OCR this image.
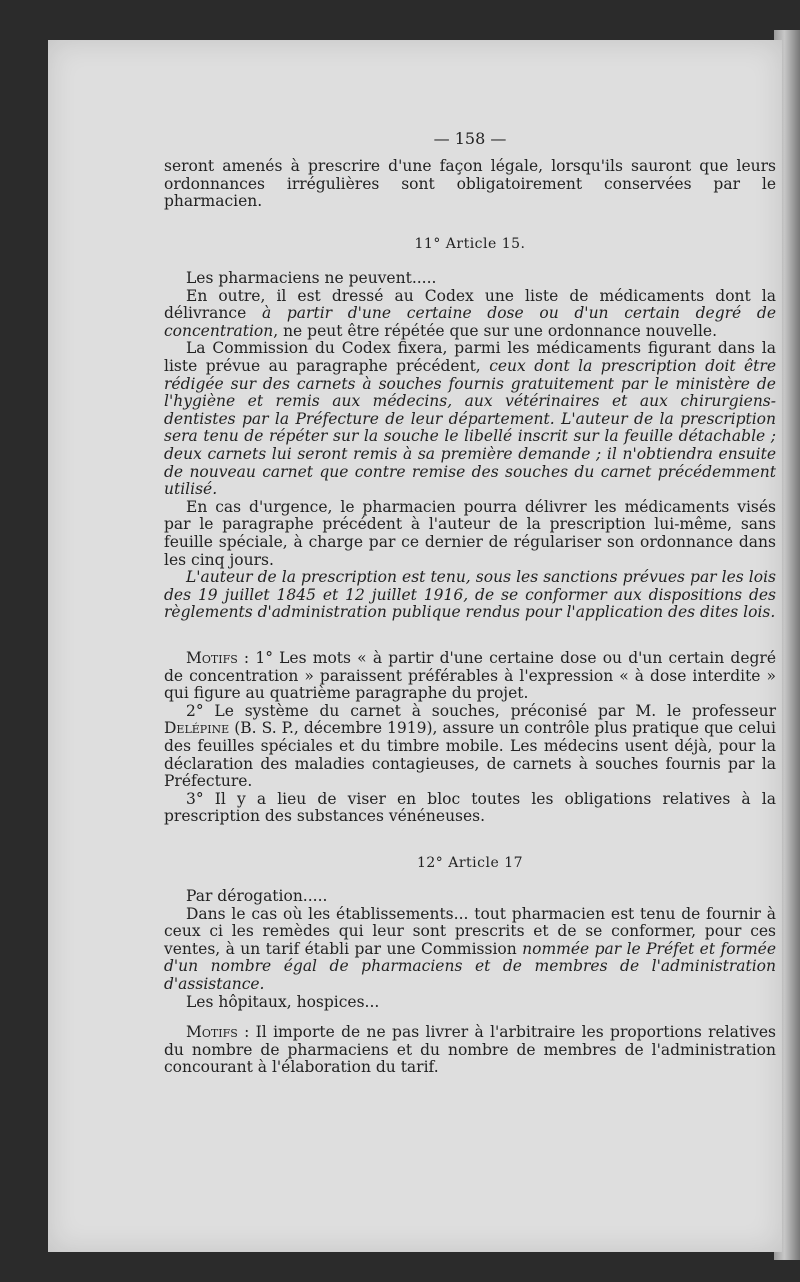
— 158 —

seront amenés à prescrire d'une façon légale, lorsqu'ils sauront que leurs ordonnances irrégulières sont obligatoirement conservées par le pharmacien.

11° Article 15.

Les pharmaciens ne peuvent.....

En outre, il est dressé au Codex une liste de médicaments dont la délivrance à partir d'une certaine dose ou d'un certain degré de concentration, ne peut être répétée que sur une ordonnance nouvelle.

La Commission du Codex fixera, parmi les médicaments figurant dans la liste prévue au paragraphe précédent, ceux dont la prescription doit être rédigée sur des carnets à souches fournis gratuitement par le ministère de l'hygiène et remis aux médecins, aux vétérinaires et aux chirurgiens-dentistes par la Préfecture de leur département. L'auteur de la prescription sera tenu de répéter sur la souche le libellé inscrit sur la feuille détachable ; deux carnets lui seront remis à sa première demande ; il n'obtiendra ensuite de nouveau carnet que contre remise des souches du carnet précédemment utilisé.

En cas d'urgence, le pharmacien pourra délivrer les médicaments visés par le paragraphe précédent à l'auteur de la prescription lui-même, sans feuille spéciale, à charge par ce dernier de régulariser son ordonnance dans les cinq jours.

L'auteur de la prescription est tenu, sous les sanctions prévues par les lois des 19 juillet 1845 et 12 juillet 1916, de se conformer aux dispositions des règlements d'administration publique rendus pour l'application des dites lois.

Motifs : 1° Les mots « à partir d'une certaine dose ou d'un certain degré de concentration » paraissent préférables à l'expression « à dose interdite » qui figure au quatrième paragraphe du projet.

2° Le système du carnet à souches, préconisé par M. le professeur Delépine (B. S. P., décembre 1919), assure un contrôle plus pratique que celui des feuilles spéciales et du timbre mobile. Les médecins usent déjà, pour la déclaration des maladies contagieuses, de carnets à souches fournis par la Préfecture.

3° Il y a lieu de viser en bloc toutes les obligations relatives à la prescription des substances vénéneuses.

12° Article 17

Par dérogation.....

Dans le cas où les établissements... tout pharmacien est tenu de fournir à ceux ci les remèdes qui leur sont prescrits et de se conformer, pour ces ventes, à un tarif établi par une Commission nommée par le Préfet et formée d'un nombre égal de pharmaciens et de membres de l'administration d'assistance.

Les hôpitaux, hospices...

Motifs : Il importe de ne pas livrer à l'arbitraire les proportions relatives du nombre de pharmaciens et du nombre de membres de l'administration concourant à l'élaboration du tarif.
